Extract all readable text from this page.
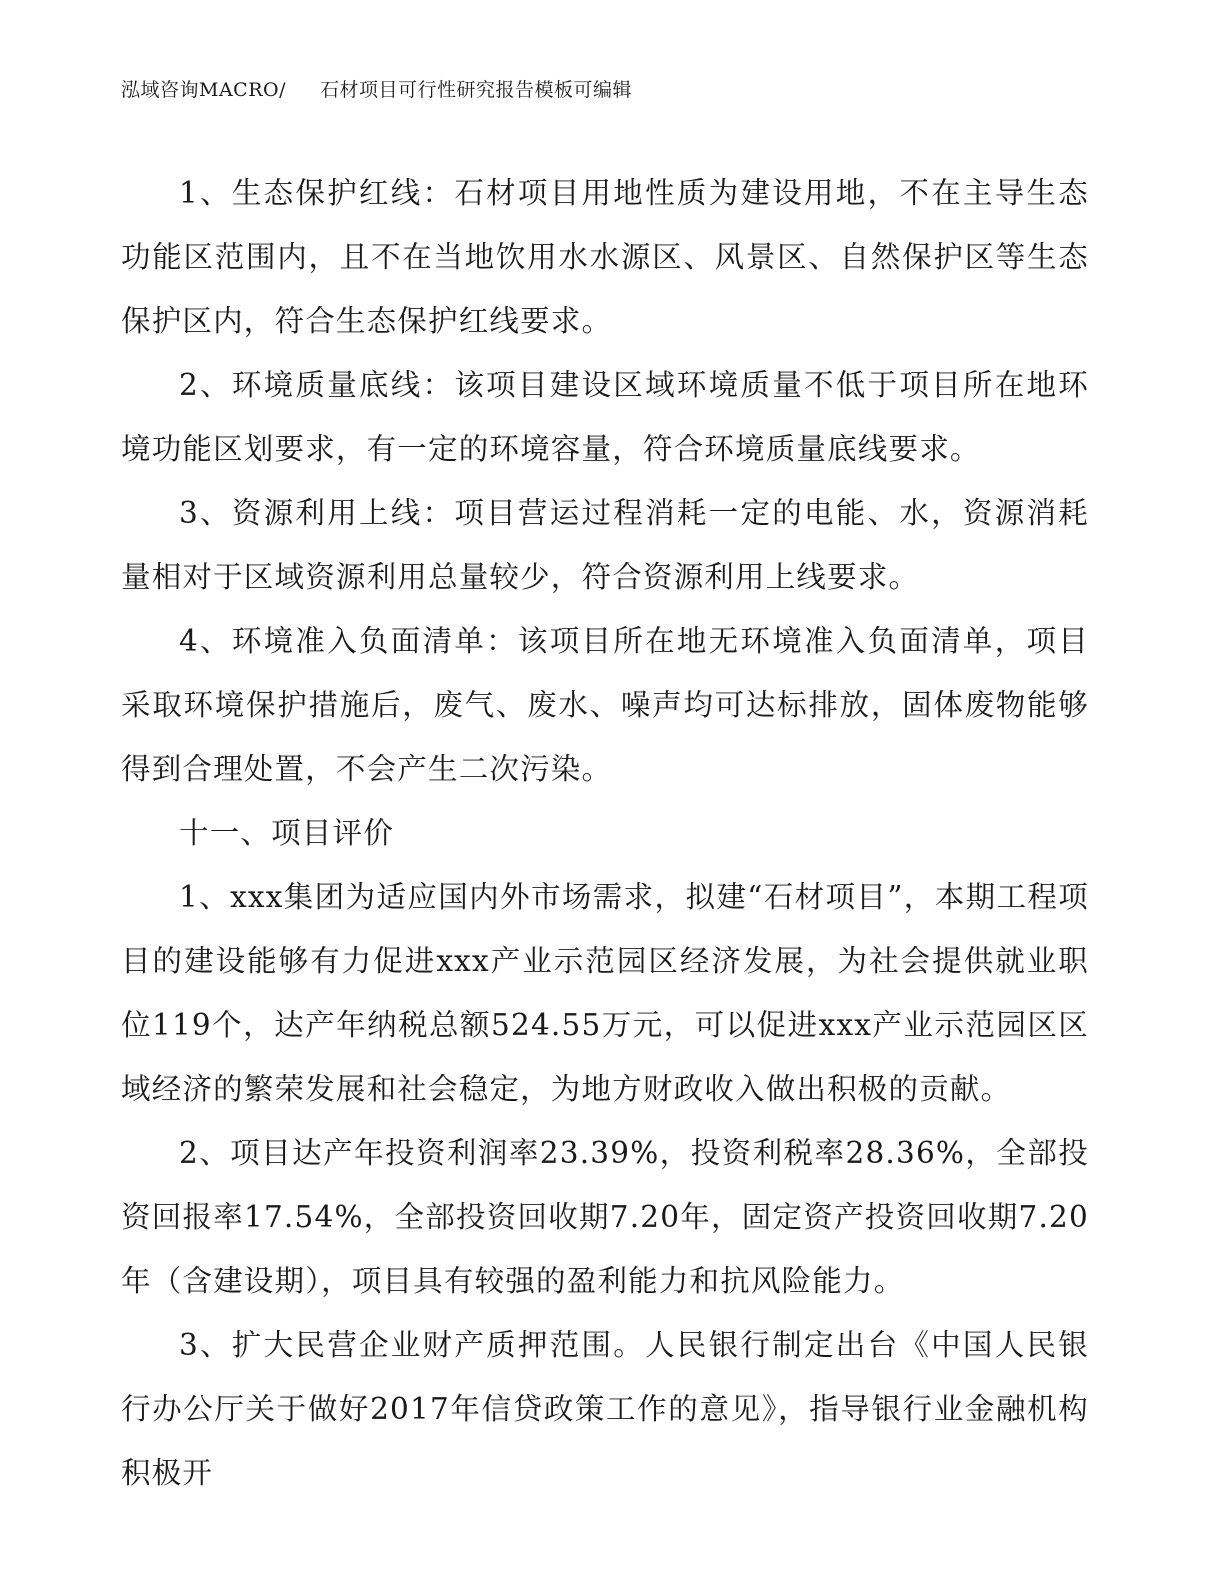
泓域咨询MACRO/ 石材项目可行性研究报告模板可编辑

1、生态保护红线：石材项目用地性质为建设用地，不在主导生态功能区范围内，且不在当地饮用水水源区、风景区、自然保护区等生态保护区内，符合生态保护红线要求。

2、环境质量底线：该项目建设区域环境质量不低于项目所在地环境功能区划要求，有一定的环境容量，符合环境质量底线要求。

3、资源利用上线：项目营运过程消耗一定的电能、水，资源消耗量相对于区域资源利用总量较少，符合资源利用上线要求。

4、环境准入负面清单：该项目所在地无环境准入负面清单，项目采取环境保护措施后，废气、废水、噪声均可达标排放，固体废物能够得到合理处置，不会产生二次污染。

十一、项目评价

1、xxx集团为适应国内外市场需求，拟建“石材项目”，本期工程项目的建设能够有力促进xxx产业示范园区经济发展，为社会提供就业职位119个，达产年纳税总额524.55万元，可以促进xxx产业示范园区区域经济的繁荣发展和社会稳定，为地方财政收入做出积极的贡献。

2、项目达产年投资利润率23.39%，投资利税率28.36%，全部投资回报率17.54%，全部投资回收期7.20年，固定资产投资回收期7.20年（含建设期），项目具有较强的盈利能力和抗风险能力。

3、扩大民营企业财产质押范围。人民银行制定出台《中国人民银行办公厅关于做好2017年信贷政策工作的意见》，指导银行业金融机构积极开
